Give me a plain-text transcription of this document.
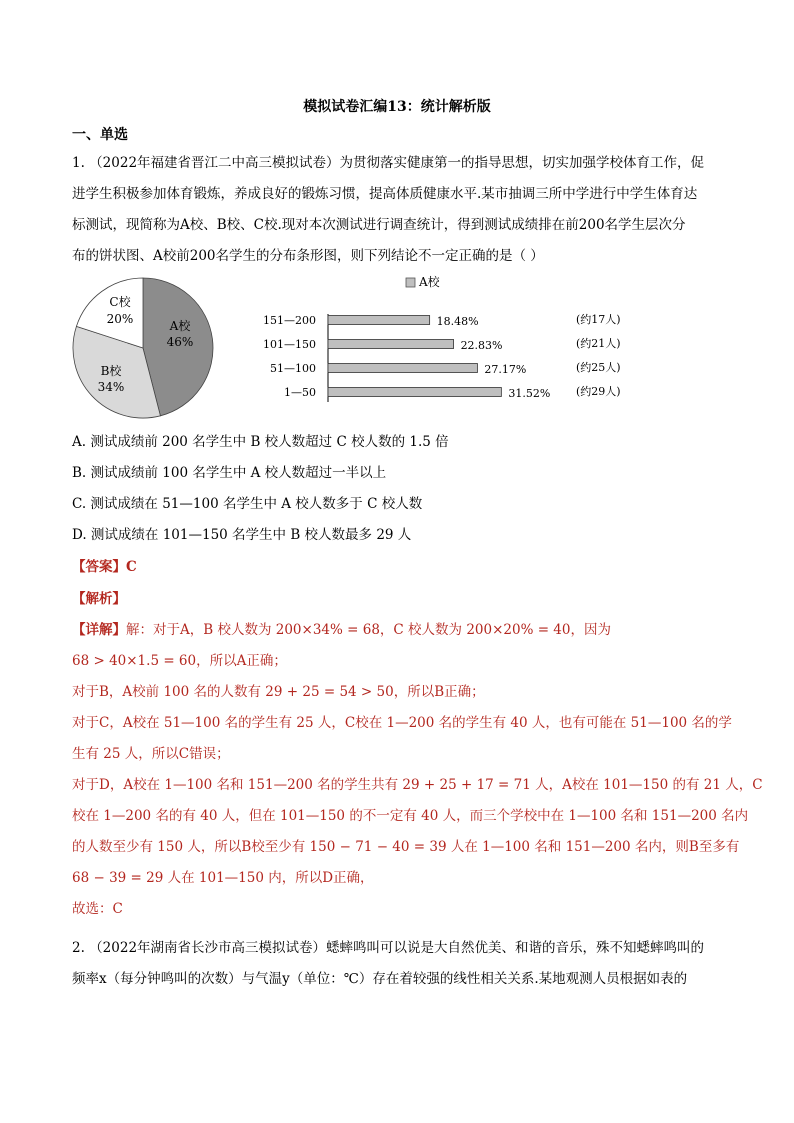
模拟试卷汇编13：统计解析版
一、单选
1. （2022年福建省晋江二中高三模拟试卷）为贯彻落实健康第一的指导思想，切实加强学校体育工作，促
进学生积极参加体育锻炼，养成良好的锻炼习惯，提高体质健康水平.某市抽调三所中学进行中学生体育达
标测试，现简称为A校、B校、C校.现对本次测试进行调查统计，得到测试成绩排在前200名学生层次分
布的饼状图、A校前200名学生的分布条形图，则下列结论不一定正确的是（ ）
C校
20%	A校
46%
B校
34%
A校
151—200	18.48%	(约17人)
101—150	22.83%	(约21人)
51—100	27.17%	(约25人)
1—50	31.52% (约29人)
A. 测试成绩前 200 名学生中 B 校人数超过 C 校人数的 1.5 倍
B. 测试成绩前 100 名学生中 A 校人数超过一半以上
C. 测试成绩在 51—100 名学生中 A 校人数多于 C 校人数
D. 测试成绩在 101—150 名学生中 B 校人数最多 29 人
【答案】C
【解析】
【详解】解：对于A，B 校人数为 200×34% = 68，C 校人数为 200×20% = 40，因为
68 > 40×1.5 = 60，所以A正确；
对于B，A校前 100 名的人数有 29 + 25 = 54 > 50，所以B正确；
对于C，A校在 51—100 名的学生有 25 人，C校在 1—200 名的学生有 40 人，也有可能在 51—100 名的学
生有 25 人，所以C错误；
对于D，A校在 1—100 名和 151—200 名的学生共有 29 + 25 + 17 = 71 人，A校在 101—150 的有 21 人，C
校在 1—200 名的有 40 人，但在 101—150 的不一定有 40 人，而三个学校中在 1—100 名和 151—200 名内
的人数至少有 150 人，所以B校至少有 150 − 71 − 40 = 39 人在 1—100 名和 151—200 名内，则B至多有
68 − 39 = 29 人在 101—150 内，所以D正确，
故选：C
2. （2022年湖南省长沙市高三模拟试卷）蟋蟀鸣叫可以说是大自然优美、和谐的音乐，殊不知蟋蟀鸣叫的
频率x（每分钟鸣叫的次数）与气温y（单位：℃）存在着较强的线性相关关系.某地观测人员根据如表的
